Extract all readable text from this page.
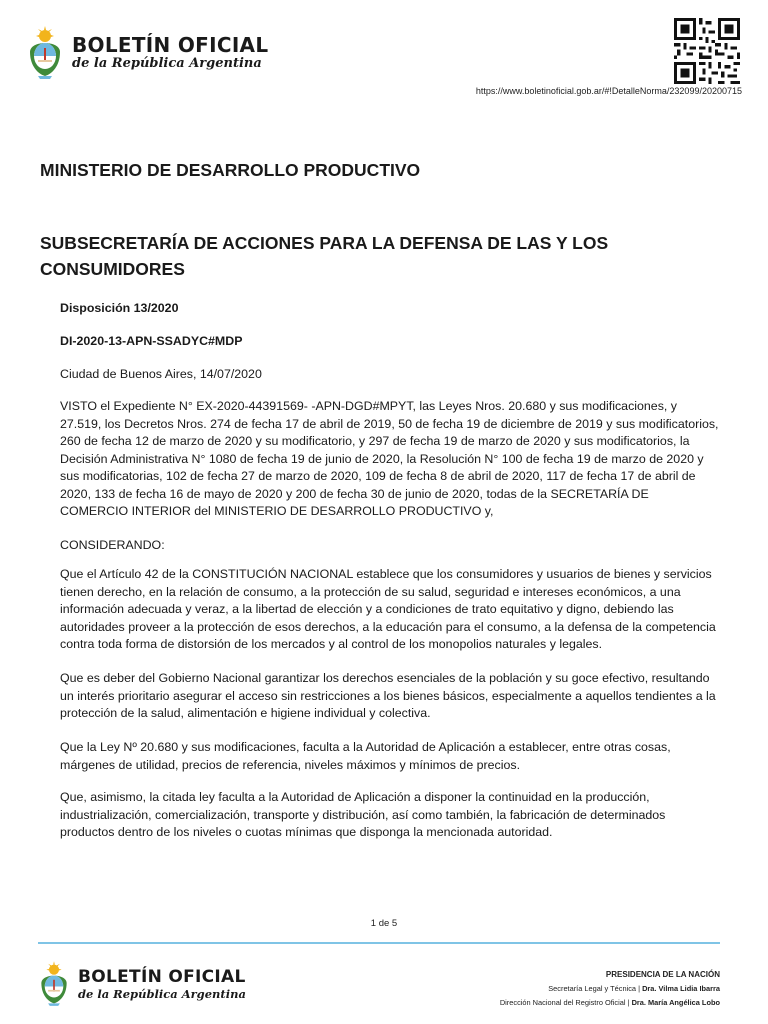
BOLETÍN OFICIAL
de la República Argentina
https://www.boletinoficial.gob.ar/#!DetalleNorma/232099/20200715
MINISTERIO DE DESARROLLO PRODUCTIVO
SUBSECRETARÍA DE ACCIONES PARA LA DEFENSA DE LAS Y LOS CONSUMIDORES
Disposición 13/2020
DI-2020-13-APN-SSADYC#MDP
Ciudad de Buenos Aires, 14/07/2020
VISTO el Expediente N° EX-2020-44391569- -APN-DGD#MPYT, las Leyes Nros. 20.680 y sus modificaciones, y 27.519, los Decretos Nros. 274 de fecha 17 de abril de 2019, 50 de fecha 19 de diciembre de 2019 y sus modificatorios, 260 de fecha 12 de marzo de 2020 y su modificatorio, y 297 de fecha 19 de marzo de 2020 y sus modificatorios, la Decisión Administrativa N° 1080 de fecha 19 de junio de 2020, la Resolución N° 100 de fecha 19 de marzo de 2020 y sus modificatorias, 102 de fecha 27 de marzo de 2020, 109 de fecha 8 de abril de 2020, 117 de fecha 17 de abril de 2020, 133 de fecha 16 de mayo de 2020 y 200 de fecha 30 de junio de 2020, todas de la SECRETARÍA DE COMERCIO INTERIOR del MINISTERIO DE DESARROLLO PRODUCTIVO y,
CONSIDERANDO:
Que el Artículo 42 de la CONSTITUCIÓN NACIONAL establece que los consumidores y usuarios de bienes y servicios tienen derecho, en la relación de consumo, a la protección de su salud, seguridad e intereses económicos, a una información adecuada y veraz, a la libertad de elección y a condiciones de trato equitativo y digno, debiendo las autoridades proveer a la protección de esos derechos, a la educación para el consumo, a la defensa de la competencia contra toda forma de distorsión de los mercados y al control de los monopolios naturales y legales.
Que es deber del Gobierno Nacional garantizar los derechos esenciales de la población y su goce efectivo, resultando un interés prioritario asegurar el acceso sin restricciones a los bienes básicos, especialmente a aquellos tendientes a la protección de la salud, alimentación e higiene individual y colectiva.
Que la Ley Nº 20.680 y sus modificaciones, faculta a la Autoridad de Aplicación a establecer, entre otras cosas, márgenes de utilidad, precios de referencia, niveles máximos y mínimos de precios.
Que, asimismo, la citada ley faculta a la Autoridad de Aplicación a disponer la continuidad en la producción, industrialización, comercialización, transporte y distribución, así como también, la fabricación de determinados productos dentro de los niveles o cuotas mínimas que disponga la mencionada autoridad.
1 de 5
BOLETÍN OFICIAL
de la República Argentina
PRESIDENCIA DE LA NACIÓN
Secretaría Legal y Técnica | Dra. Vilma Lidia Ibarra
Dirección Nacional del Registro Oficial | Dra. María Angélica Lobo
